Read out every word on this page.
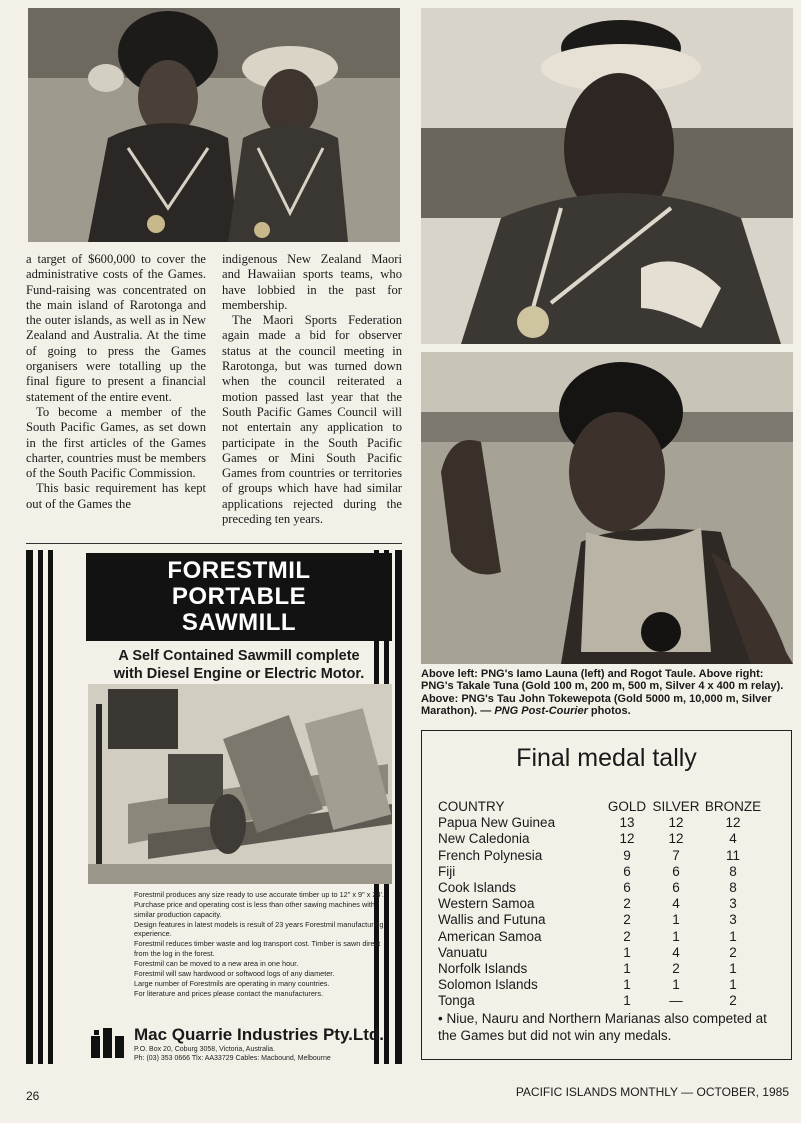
a target of $600,000 to cover the administrative costs of the Games. Fund-raising was concentrated on the main island of Rarotonga and the outer islands, as well as in New Zealand and Australia. At the time of going to press the Games organisers were totalling up the final figure to present a financial statement of the entire event.

To become a member of the South Pacific Games, as set down in the first articles of the Games charter, countries must be members of the South Pacific Commission.

This basic requirement has kept out of the Games the

indigenous New Zealand Maori and Hawaiian sports teams, who have lobbied in the past for membership.

The Maori Sports Federation again made a bid for observer status at the council meeting in Rarotonga, but was turned down when the council reiterated a motion passed last year that the South Pacific Games Council will not entertain any application to participate in the South Pacific Games or Mini South Pacific Games from countries or territories of groups which have had similar applications rejected during the preceding ten years.

FORESTMIL
PORTABLE
SAWMILL
A Self Contained Sawmill complete
with Diesel Engine or Electric Motor.
Forestmil produces any size ready to use accurate timber up to 12" x 9" x 24'.
Purchase price and operating cost is less than other sawing machines with similar production capacity.
Design features in latest models is result of 23 years Forestmil manufacturing experience.
Forestmil reduces timber waste and log transport cost. Timber is sawn direct from the log in the forest.
Forestmil can be moved to a new area in one hour.
Forestmil will saw hardwood or softwood logs of any diameter.
Large number of Forestmils are operating in many countries.
For literature and prices please contact the manufacturers.
Mac Quarrie Industries Pty.Ltd.
P.O. Box 20, Coburg 3058, Victoria, Australia.
Ph: (03) 353 0666 Tlx: AA33729 Cables: Macbound, Melbourne
Above left: PNG's Iamo Launa (left) and Rogot Taule. Above right: PNG's Takale Tuna (Gold 100 m, 200 m, 500 m, Silver 4 x 400 m relay). Above: PNG's Tau John Tokewepota (Gold 5000 m, 10,000 m, Silver Marathon). — PNG Post-Courier photos.
Final medal tally
COUNTRY	GOLD SILVER BRONZE
Papua New Guinea	13	12	12
New Caledonia	12	12	4
French Polynesia	9	7	11
Fiji	6	6	8
Cook Islands	6	6	8
Western Samoa	2	4	3
Wallis and Futuna	2	1	3
American Samoa	2	1	1
Vanuatu	1	4	2
Norfolk Islands	1	2	1
Solomon Islands	1	1	1
Tonga	1	—	2
• Niue, Nauru and Northern Marianas also competed at the Games but did not win any medals.
26	PACIFIC ISLANDS MONTHLY — OCTOBER, 1985
